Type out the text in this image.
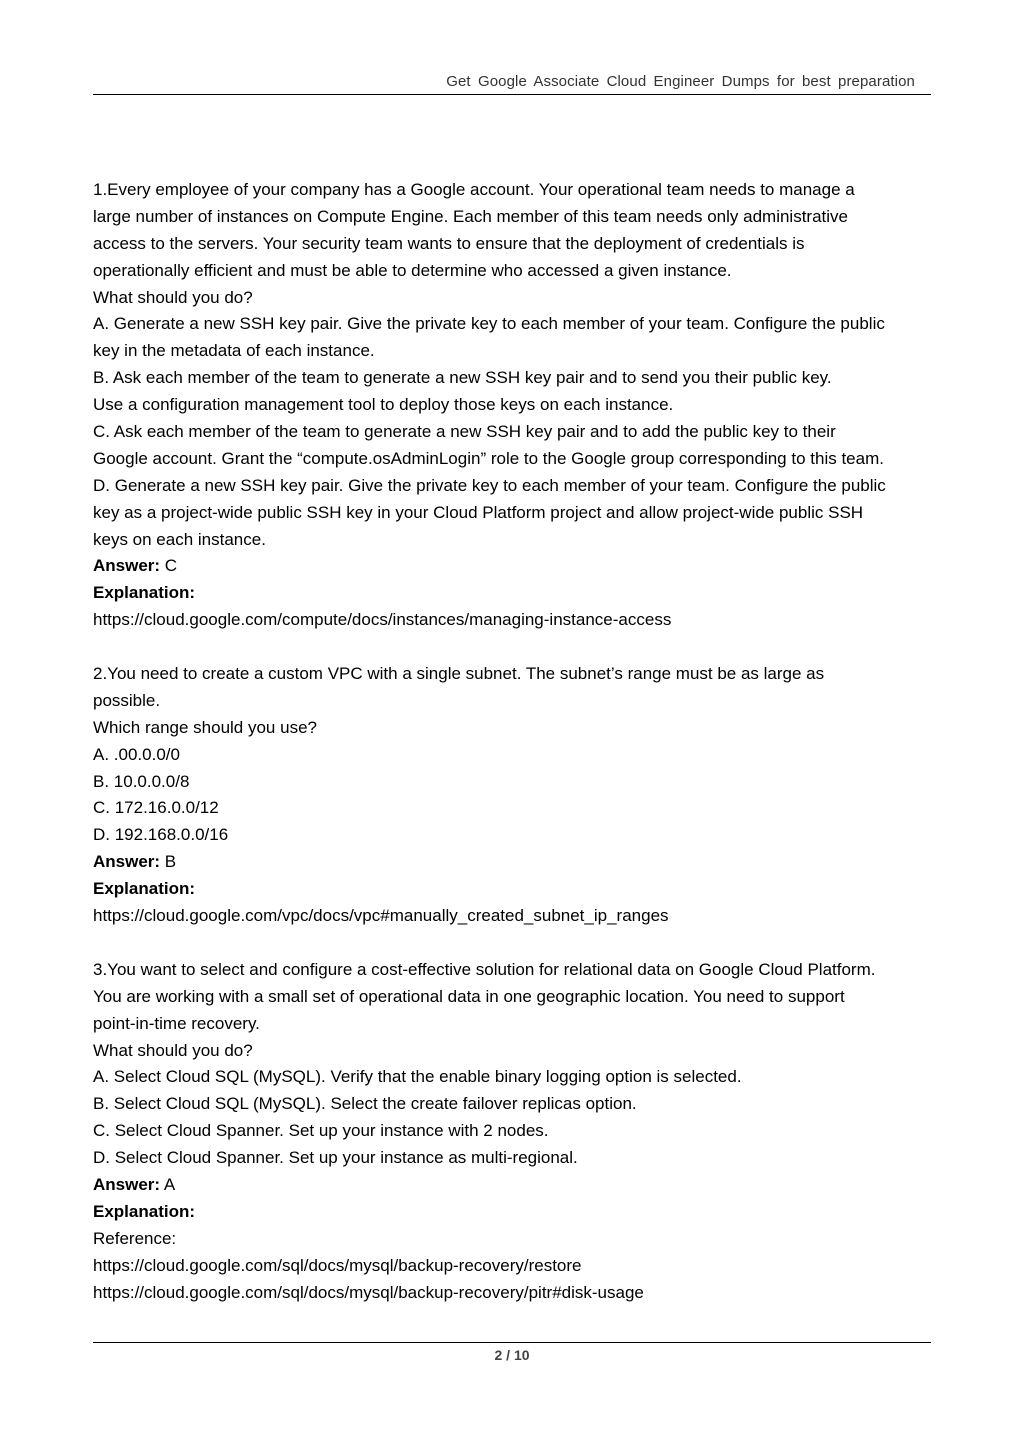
Get Google Associate Cloud Engineer Dumps for best preparation
1.Every employee of your company has a Google account. Your operational team needs to manage a
large number of instances on Compute Engine. Each member of this team needs only administrative
access to the servers. Your security team wants to ensure that the deployment of credentials is
operationally efficient and must be able to determine who accessed a given instance.
What should you do?
A. Generate a new SSH key pair. Give the private key to each member of your team. Configure the public
key in the metadata of each instance.
B. Ask each member of the team to generate a new SSH key pair and to send you their public key.
Use a configuration management tool to deploy those keys on each instance.
C. Ask each member of the team to generate a new SSH key pair and to add the public key to their
Google account. Grant the “compute.osAdminLogin” role to the Google group corresponding to this team.
D. Generate a new SSH key pair. Give the private key to each member of your team. Configure the public
key as a project-wide public SSH key in your Cloud Platform project and allow project-wide public SSH
keys on each instance.
Answer: C
Explanation:
https://cloud.google.com/compute/docs/instances/managing-instance-access
2.You need to create a custom VPC with a single subnet. The subnet’s range must be as large as
possible.
Which range should you use?
A. .00.0.0/0
B. 10.0.0.0/8
C. 172.16.0.0/12
D. 192.168.0.0/16
Answer: B
Explanation:
https://cloud.google.com/vpc/docs/vpc#manually_created_subnet_ip_ranges
3.You want to select and configure a cost-effective solution for relational data on Google Cloud Platform.
You are working with a small set of operational data in one geographic location. You need to support
point-in-time recovery.
What should you do?
A. Select Cloud SQL (MySQL). Verify that the enable binary logging option is selected.
B. Select Cloud SQL (MySQL). Select the create failover replicas option.
C. Select Cloud Spanner. Set up your instance with 2 nodes.
D. Select Cloud Spanner. Set up your instance as multi-regional.
Answer: A
Explanation:
Reference:
https://cloud.google.com/sql/docs/mysql/backup-recovery/restore
https://cloud.google.com/sql/docs/mysql/backup-recovery/pitr#disk-usage
2 / 10
